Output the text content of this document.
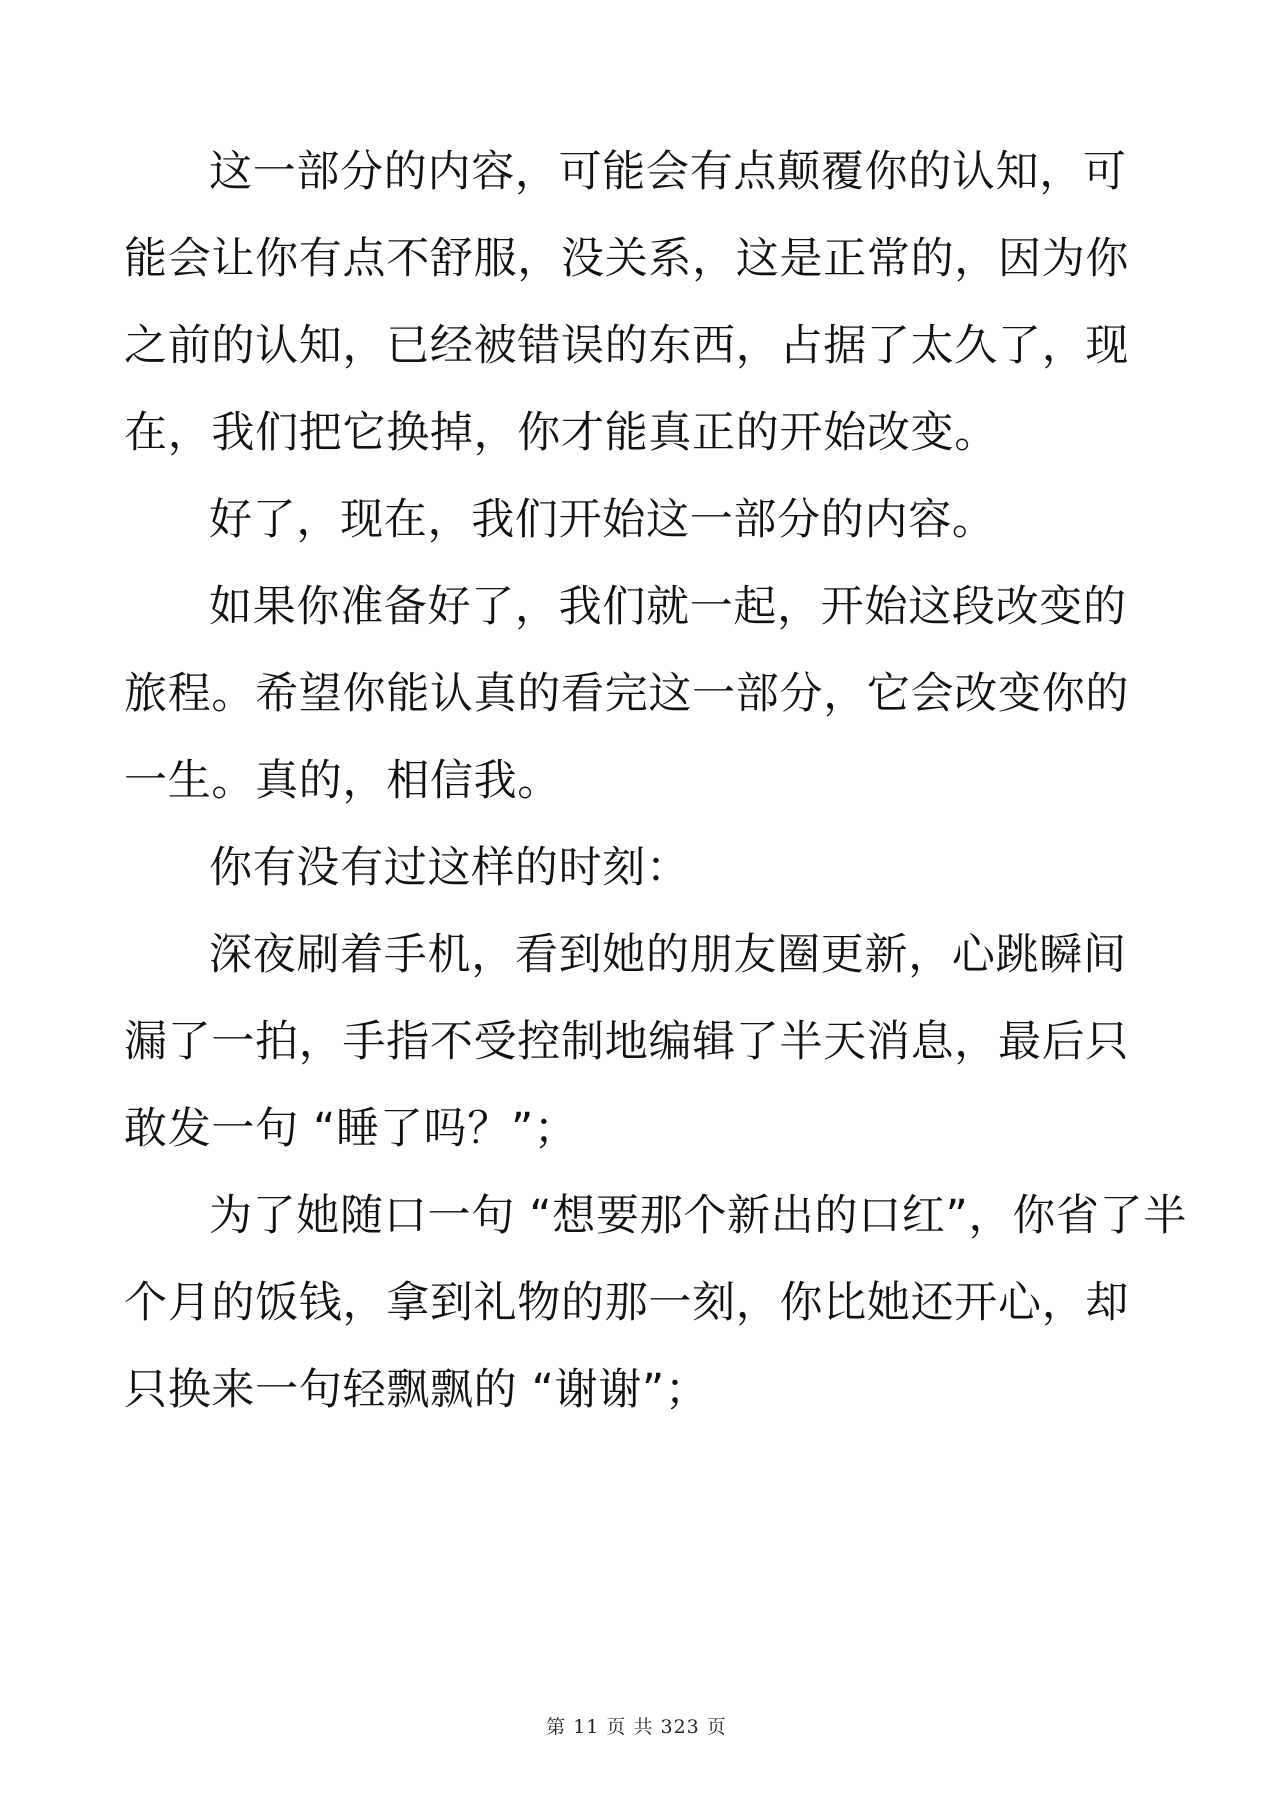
这一部分的内容，可能会有点颠覆你的认知，可
能会让你有点不舒服，没关系，这是正常的，因为你
之前的认知，已经被错误的东西，占据了太久了，现
在，我们把它换掉，你才能真正的开始改变。
好了，现在，我们开始这一部分的内容。
如果你准备好了，我们就一起，开始这段改变的
旅程。希望你能认真的看完这一部分，它会改变你的
一生。真的，相信我。
你有没有过这样的时刻：
深夜刷着手机，看到她的朋友圈更新，心跳瞬间
漏了一拍，手指不受控制地编辑了半天消息，最后只
敢发一句 “睡了吗？”；
为了她随口一句 “想要那个新出的口红”，你省了半
个月的饭钱，拿到礼物的那一刻，你比她还开心，却
只换来一句轻飘飘的 “谢谢”；
第 11 页 共 323 页
